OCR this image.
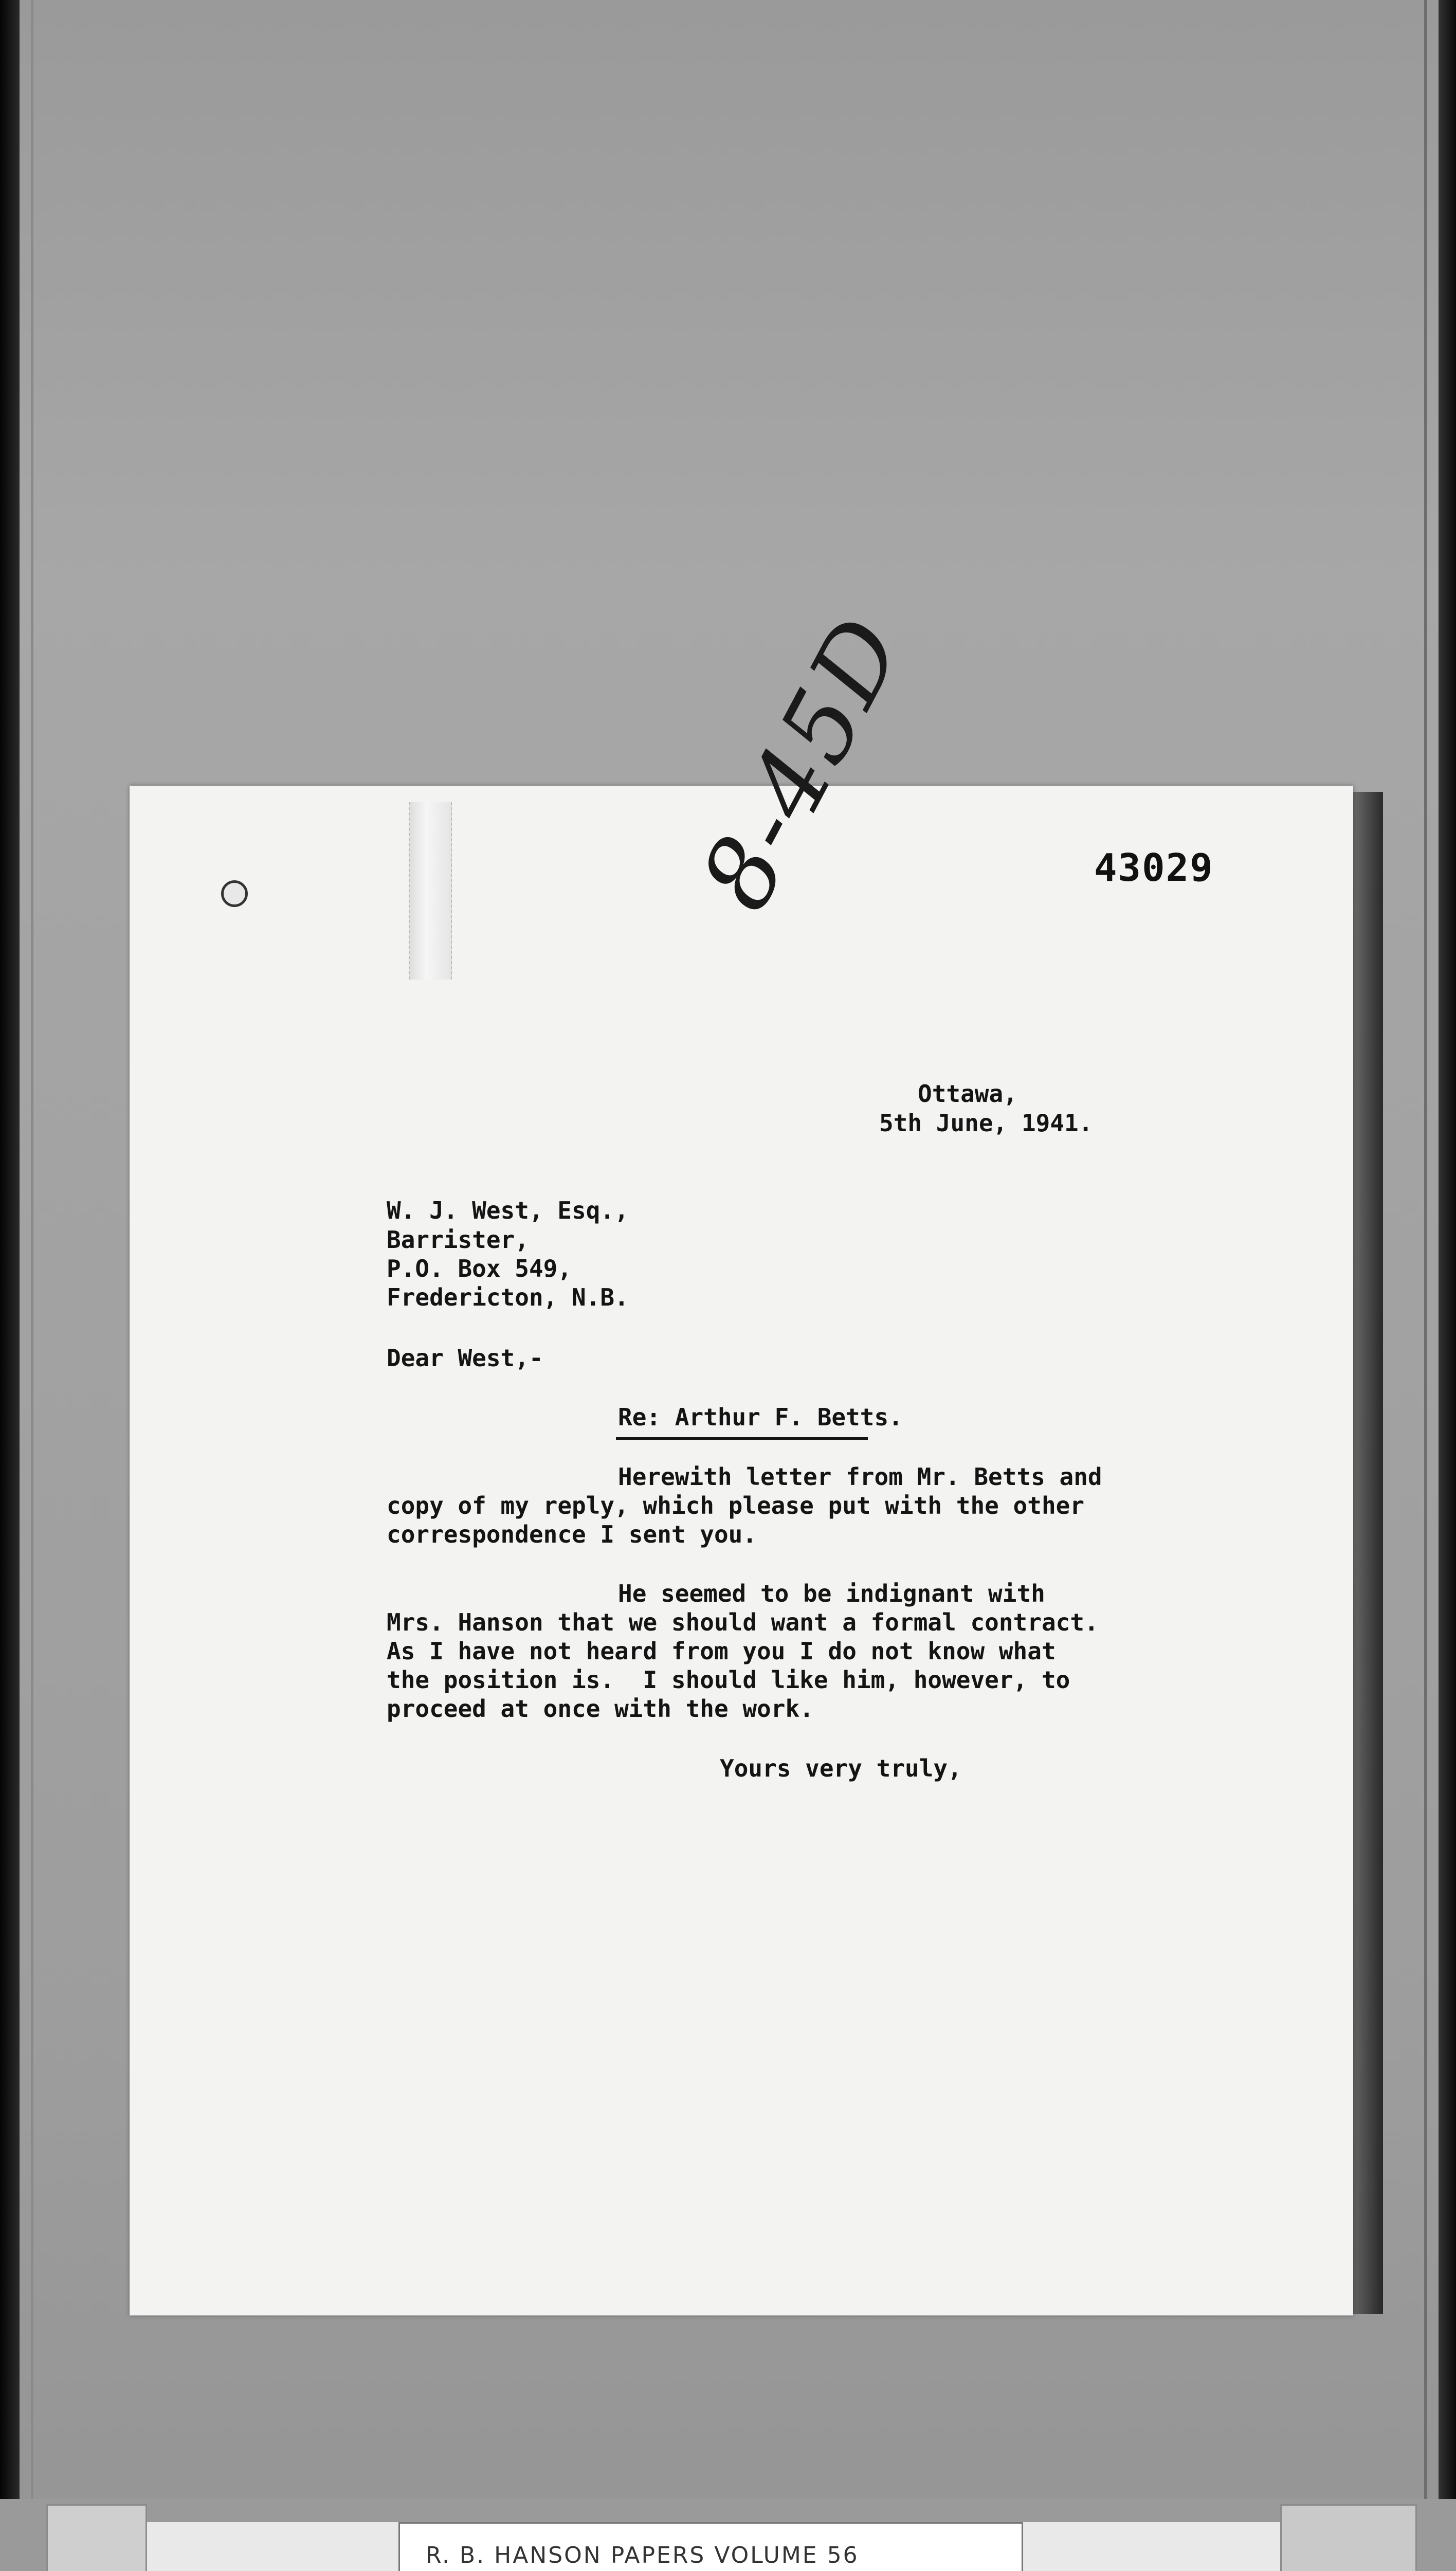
43029
8-45D
Ottawa,
5th June, 1941.
W. J. West, Esq.,
Barrister,
P.O. Box 549,
Fredericton, N.B.
Dear West,-
Re: Arthur F. Betts.
Herewith letter from Mr. Betts and
copy of my reply, which please put with the other
correspondence I sent you.
He seemed to be indignant with
Mrs. Hanson that we should want a formal contract.
As I have not heard from you I do not know what
the position is.  I should like him, however, to
proceed at once with the work.
Yours very truly,
R. B. HANSON PAPERS VOLUME 56
